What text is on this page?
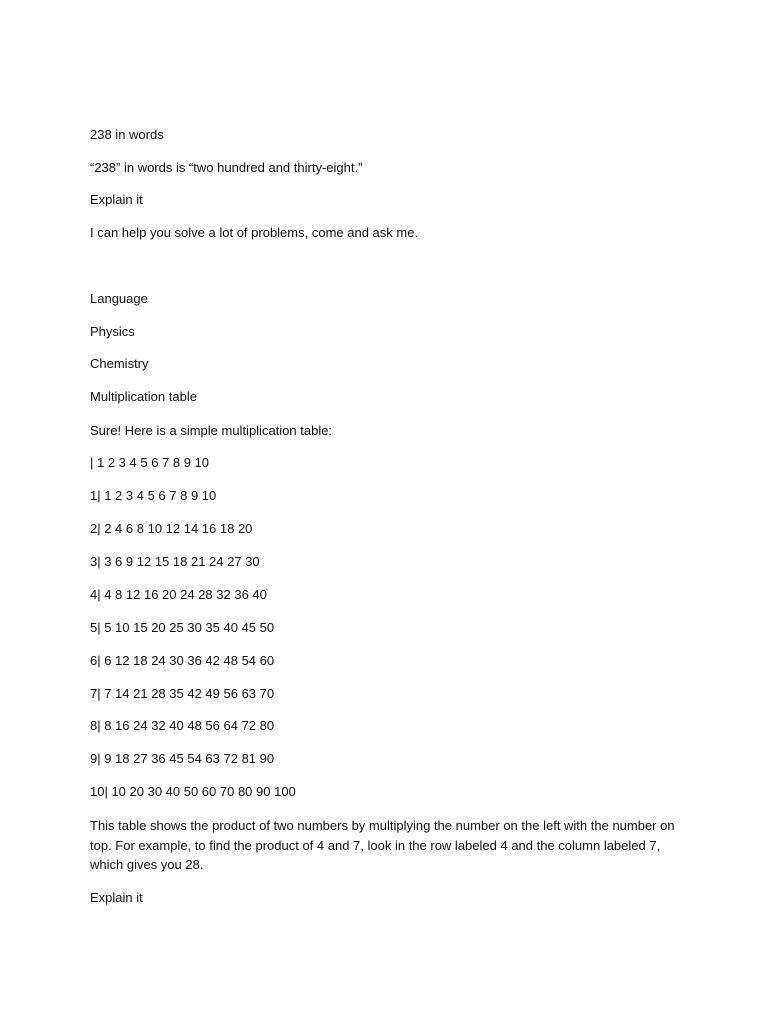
238 in words

“238” in words is “two hundred and thirty-eight.”

Explain it

I can help you solve a lot of problems, come and ask me.

Language

Physics

Chemistry

Multiplication table

Sure! Here is a simple multiplication table:

| 1 2 3 4 5 6 7 8 9 10

1| 1 2 3 4 5 6 7 8 9 10

2| 2 4 6 8 10 12 14 16 18 20

3| 3 6 9 12 15 18 21 24 27 30

4| 4 8 12 16 20 24 28 32 36 40

5| 5 10 15 20 25 30 35 40 45 50

6| 6 12 18 24 30 36 42 48 54 60

7| 7 14 21 28 35 42 49 56 63 70

8| 8 16 24 32 40 48 56 64 72 80

9| 9 18 27 36 45 54 63 72 81 90

10| 10 20 30 40 50 60 70 80 90 100

This table shows the product of two numbers by multiplying the number on the left with the number on top. For example, to find the product of 4 and 7, look in the row labeled 4 and the column labeled 7, which gives you 28.

Explain it
